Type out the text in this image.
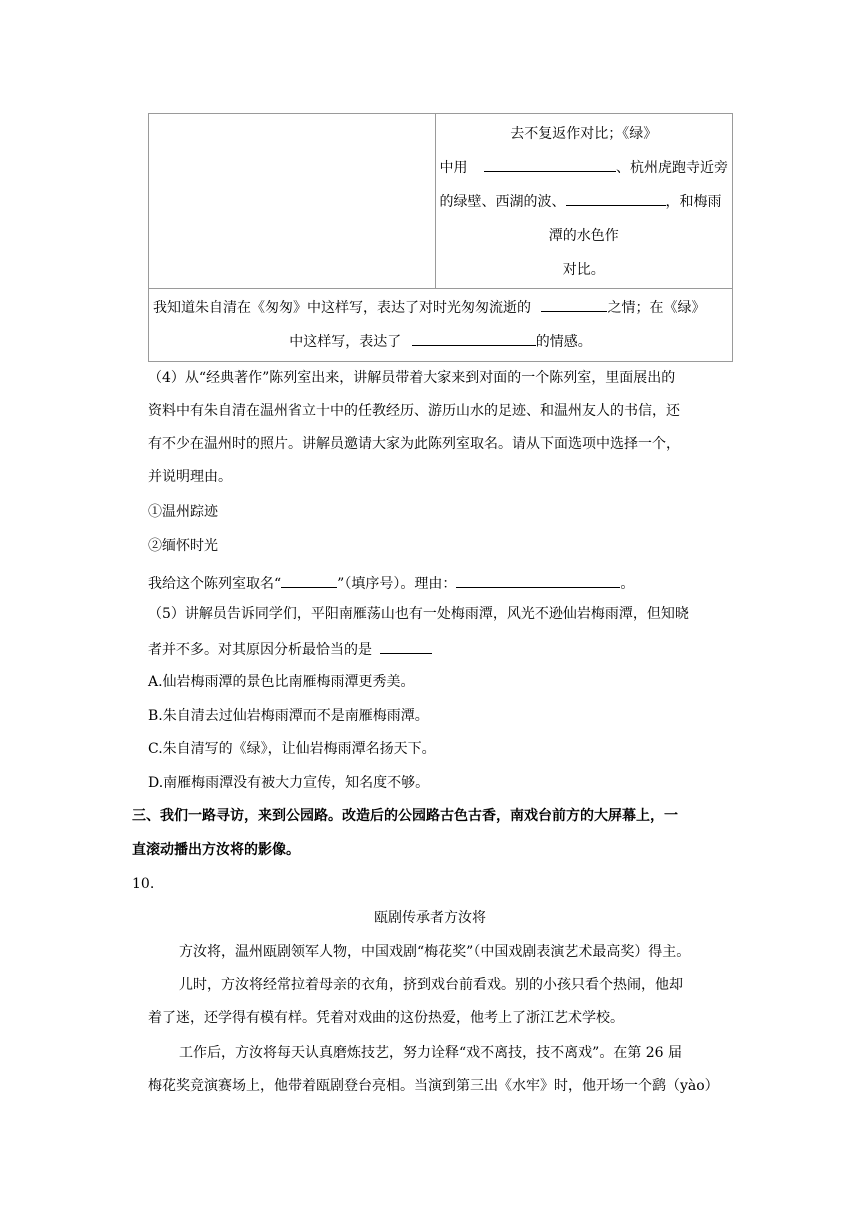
去不复返作对比；《绿》
中用	、杭州虎跑寺近旁
的绿壁、西湖的波、	，和梅雨
潭的水色作
对比。

我知道朱自清在《匆匆》中这样写，表达了对时光匆匆流逝的	之情；在《绿》
中这样写，表达了	的情感。
（4）从“经典著作”陈列室出来，讲解员带着大家来到对面的一个陈列室，里面展出的
资料中有朱自清在温州省立十中的任教经历、游历山水的足迹、和温州友人的书信，还
有不少在温州时的照片。讲解员邀请大家为此陈列室取名。请从下面选项中选择一个，
并说明理由。
①温州踪迹
②缅怀时光
我给这个陈列室取名“	”（填序号）。理由：	。
（5）讲解员告诉同学们，平阳南雁荡山也有一处梅雨潭，风光不逊仙岩梅雨潭，但知晓
者并不多。对其原因分析最恰当的是
A.仙岩梅雨潭的景色比南雁梅雨潭更秀美。
B.朱自清去过仙岩梅雨潭而不是南雁梅雨潭。
C.朱自清写的《绿》，让仙岩梅雨潭名扬天下。
D.南雁梅雨潭没有被大力宣传，知名度不够。
三、我们一路寻访，来到公园路。改造后的公园路古色古香，南戏台前方的大屏幕上，一
直滚动播出方汝将的影像。
10.
瓯剧传承者方汝将
方汝将，温州瓯剧领军人物，中国戏剧“梅花奖”（中国戏剧表演艺术最高奖）得主。
儿时，方汝将经常拉着母亲的衣角，挤到戏台前看戏。别的小孩只看个热闹，他却
着了迷，还学得有模有样。凭着对戏曲的这份热爱，他考上了浙江艺术学校。
工作后，方汝将每天认真磨炼技艺，努力诠释“戏不离技，技不离戏”。在第 26 届
梅花奖竞演赛场上，他带着瓯剧登台亮相。当演到第三出《水牢》时，他开场一个鹞（yào）
